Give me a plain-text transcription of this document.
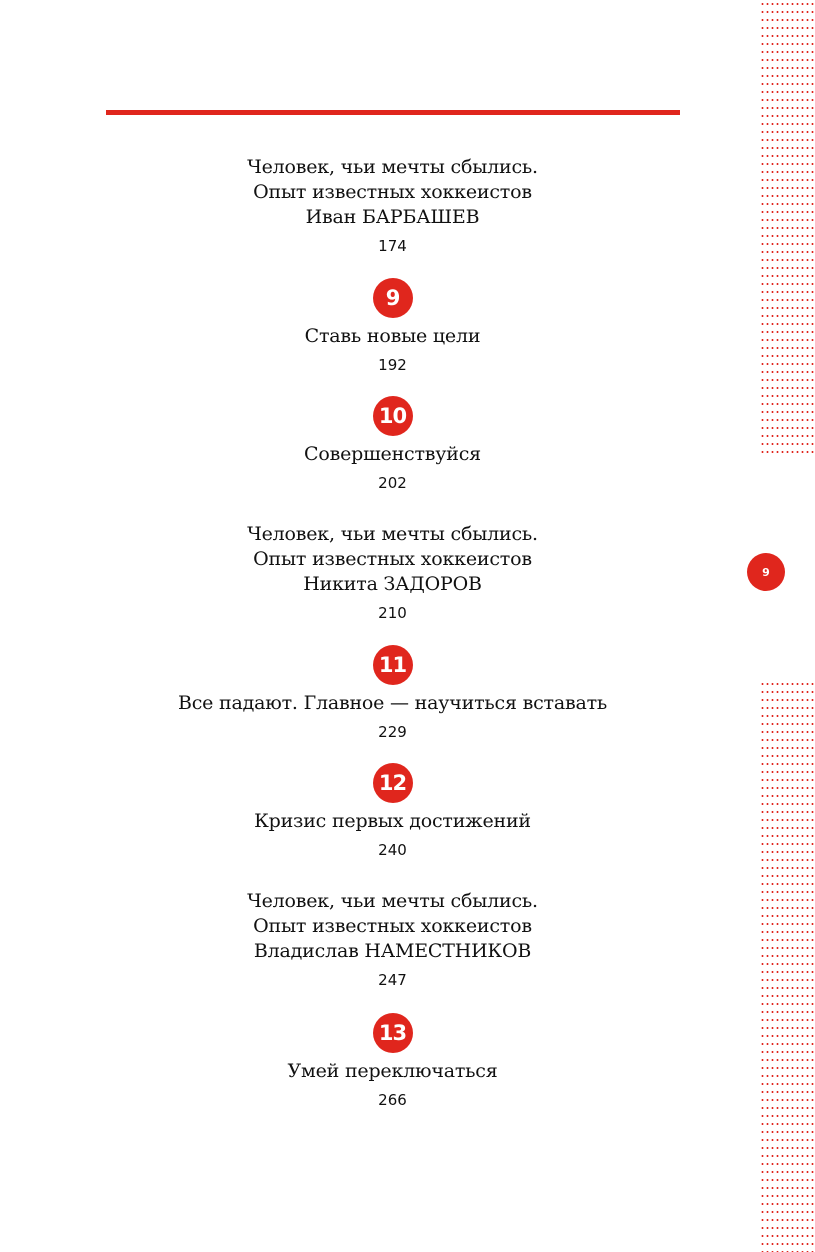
9
Человек, чьи мечты сбылись.
Опыт известных хоккеистов
Иван БАРБАШЕВ
174
9
Ставь новые цели
192
10
Совершенствуйся
202
Человек, чьи мечты сбылись.
Опыт известных хоккеистов
Никита ЗАДОРОВ
210
11
Все падают. Главное — научиться вставать
229
12
Кризис первых достижений
240
Человек, чьи мечты сбылись.
Опыт известных хоккеистов
Владислав НАМЕСТНИКОВ
247
13
Умей переключаться
266
